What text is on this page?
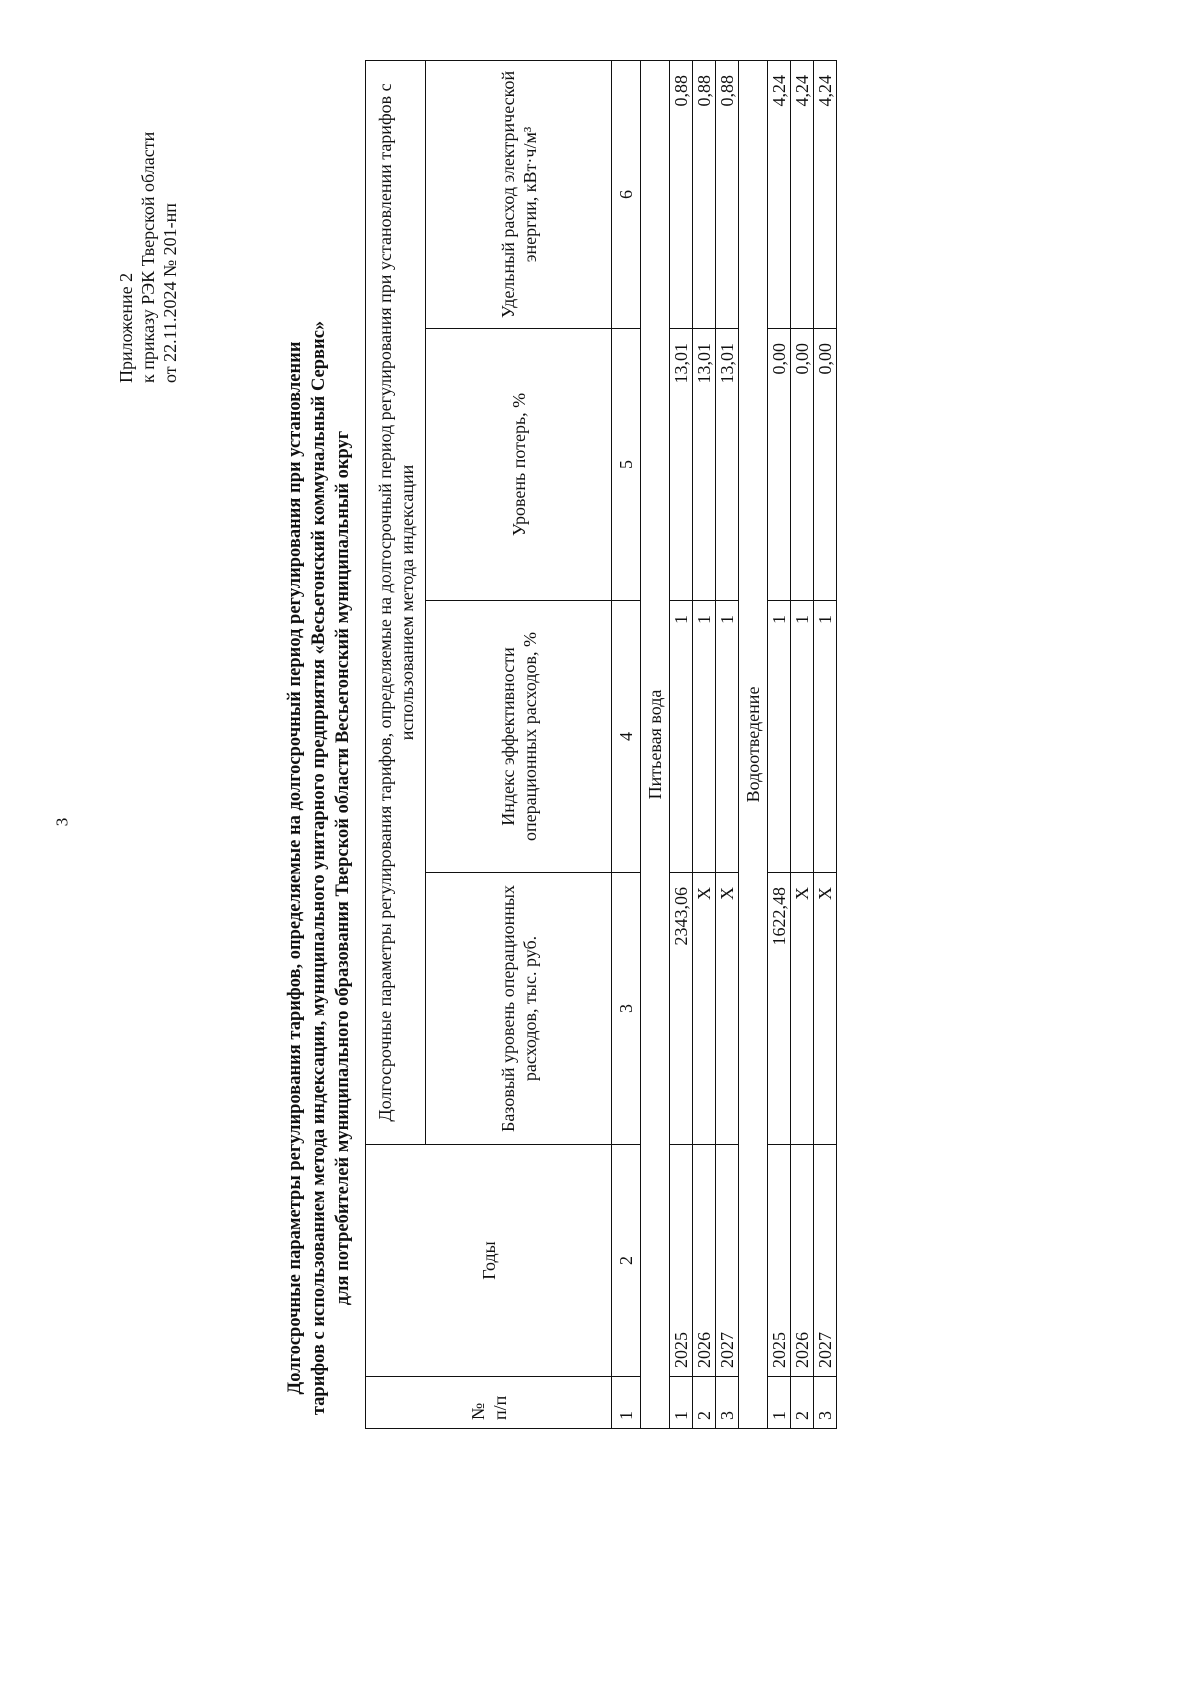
3
Приложение 2 к приказу РЭК Тверской области от 22.11.2024 № 201-нп
Долгосрочные параметры регулирования тарифов, определяемые на долгосрочный период регулирования при установлении тарифов с использованием метода индексации, муниципального унитарного предприятия «Весьегонский коммунальный Сервис» для потребителей муниципального образования Тверской области Весьегонский муниципальный округ
№ п/п	Годы	Долгосрочные параметры регулирования тарифов, определяемые на долгосрочный период регулирования при установлении тарифов с использованием метода индексации			
		Базовый уровень операционных расходов, тыс. руб.	Индекс эффективности операционных расходов, %	Уровень потерь, %	Удельный расход электрической энергии, кВт·ч/м³
1	2	3	4	5	6
Питьевая вода					
1	2025	2343,06	1	13,01	0,88
2	2026	Х	1	13,01	0,88
3	2027	Х	1	13,01	0,88
Водоотведение					
1	2025	1622,48	1	0,00	4,24
2	2026	Х	1	0,00	4,24
3	2027	Х	1	0,00	4,24
